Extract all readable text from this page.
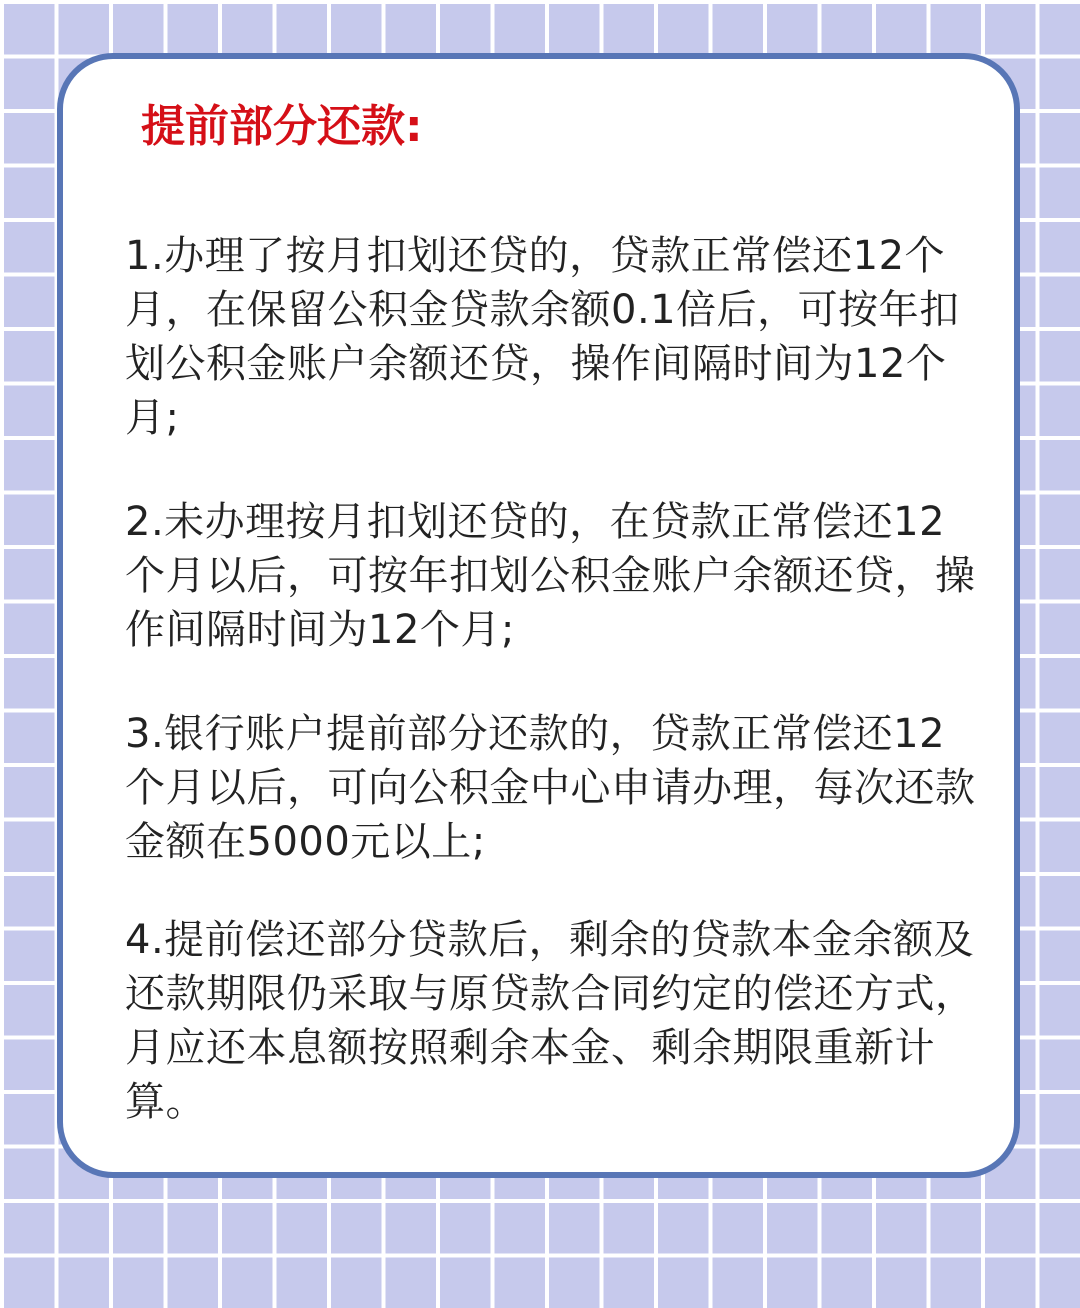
提前部分还款:

1.办理了按月扣划还贷的，贷款正常偿还12个月，在保留公积金贷款余额0.1倍后，可按年扣划公积金账户余额还贷，操作间隔时间为12个月;

2.未办理按月扣划还贷的，在贷款正常偿还12个月以后，可按年扣划公积金账户余额还贷，操作间隔时间为12个月;

3.银行账户提前部分还款的，贷款正常偿还12个月以后，可向公积金中心申请办理，每次还款金额在5000元以上;

4.提前偿还部分贷款后，剩余的贷款本金余额及还款期限仍采取与原贷款合同约定的偿还方式，月应还本息额按照剩余本金、剩余期限重新计算。
